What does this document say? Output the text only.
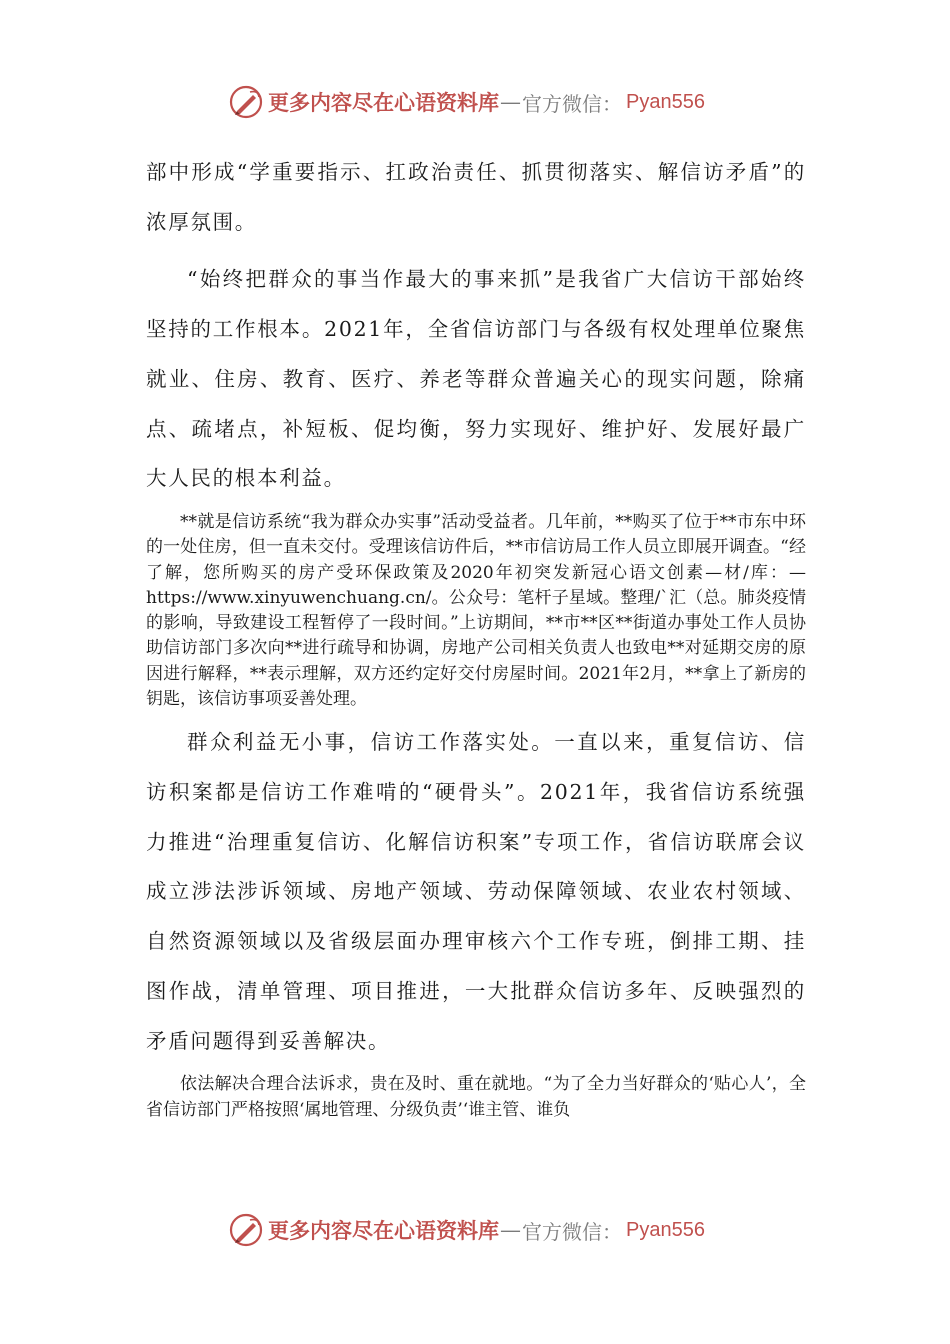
更多内容尽在心语资料库 — 官方微信： Pyan556

部中形成“学重要指示、扛政治责任、抓贯彻落实、解信访矛盾”的浓厚氛围。

“始终把群众的事当作最大的事来抓”是我省广大信访干部始终坚持的工作根本。2021年，全省信访部门与各级有权处理单位聚焦就业、住房、教育、医疗、养老等群众普遍关心的现实问题，除痛点、疏堵点，补短板、促均衡，努力实现好、维护好、发展好最广大人民的根本利益。

**就是信访系统“我为群众办实事”活动受益者。几年前，**购买了位于**市东中环的一处住房，但一直未交付。受理该信访件后，**市信访局工作人员立即展开调查。“经了解，您所购买的房产受环保政策及2020年初突发新冠心语文创素—材/库：—https://www.xinyuwenchuang.cn/。公众号：笔杆子星域。整理/`汇（总。肺炎疫情的影响，导致建设工程暂停了一段时间。”上访期间，**市**区**街道办事处工作人员协助信访部门多次向**进行疏导和协调，房地产公司相关负责人也致电**对延期交房的原因进行解释，**表示理解，双方还约定好交付房屋时间。2021年2月，**拿上了新房的钥匙，该信访事项妥善处理。

群众利益无小事，信访工作落实处。一直以来，重复信访、信访积案都是信访工作难啃的“硬骨头”。2021年，我省信访系统强力推进“治理重复信访、化解信访积案”专项工作，省信访联席会议成立涉法涉诉领域、房地产领域、劳动保障领域、农业农村领域、自然资源领域以及省级层面办理审核六个工作专班，倒排工期、挂图作战，清单管理、项目推进，一大批群众信访多年、反映强烈的矛盾问题得到妥善解决。

依法解决合理合法诉求，贵在及时、重在就地。“为了全力当好群众的‘贴心人’，全省信访部门严格按照‘属地管理、分级负责’‘谁主管、谁负

更多内容尽在心语资料库 — 官方微信： Pyan556
